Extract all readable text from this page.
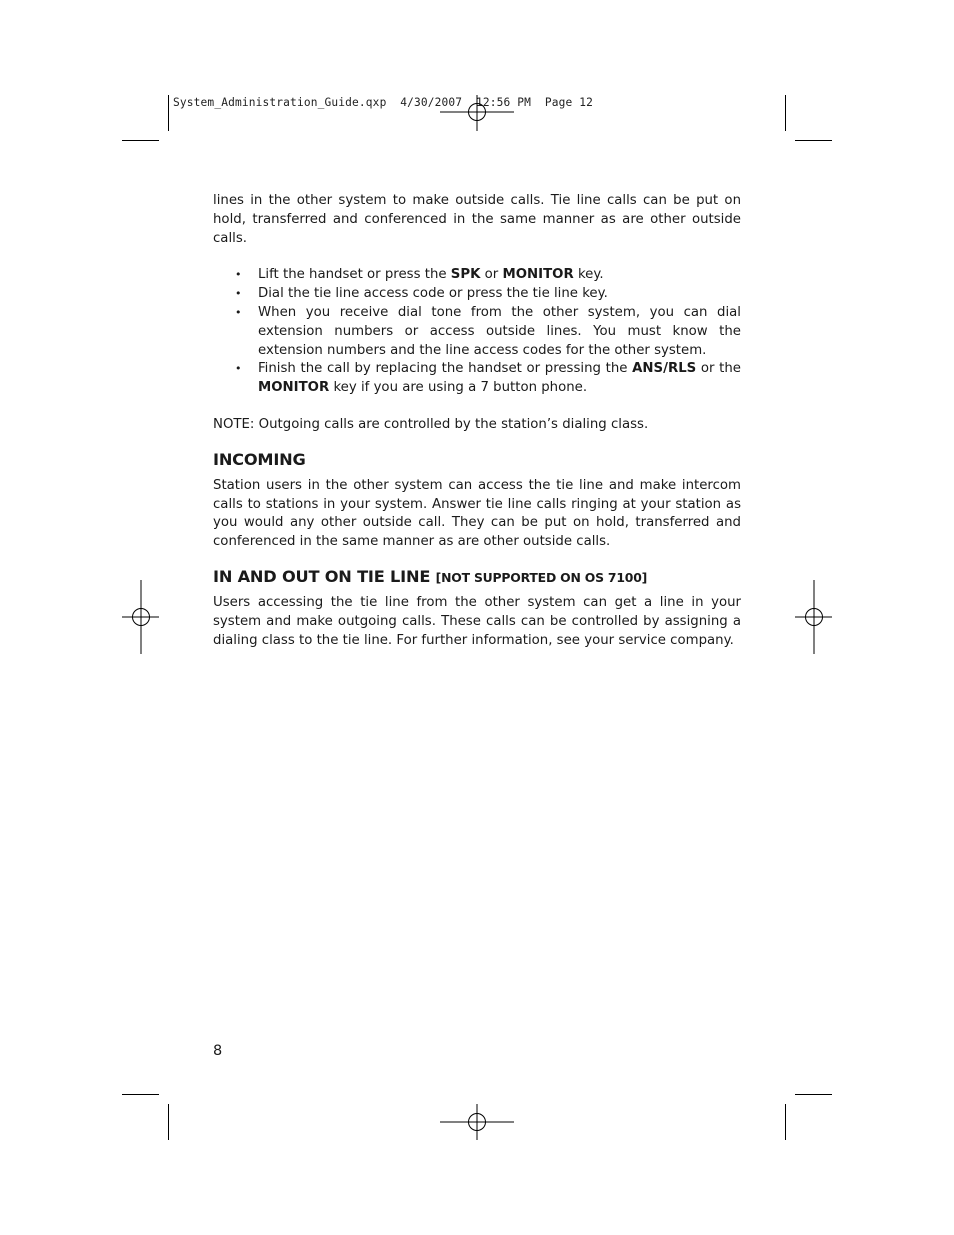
System_Administration_Guide.qxp  4/30/2007  12:56 PM  Page 12

lines in the other system to make outside calls. Tie line calls can be put on hold, transferred and conferenced in the same manner as are other outside calls.

• Lift the handset or press the SPK or MONITOR key.
• Dial the tie line access code or press the tie line key.
• When you receive dial tone from the other system, you can dial extension numbers or access outside lines. You must know the extension numbers and the line access codes for the other system.
• Finish the call by replacing the handset or pressing the ANS/RLS or the MONITOR key if you are using a 7 button phone.

NOTE: Outgoing calls are controlled by the station’s dialing class.

INCOMING

Station users in the other system can access the tie line and make intercom calls to stations in your system. Answer tie line calls ringing at your station as you would any other outside call. They can be put on hold, transferred and conferenced in the same manner as are other outside calls.

IN AND OUT ON TIE LINE [NOT SUPPORTED ON OS 7100]

Users accessing the tie line from the other system can get a line in your system and make outgoing calls. These calls can be controlled by assigning a dialing class to the tie line. For further information, see your service company.

8
